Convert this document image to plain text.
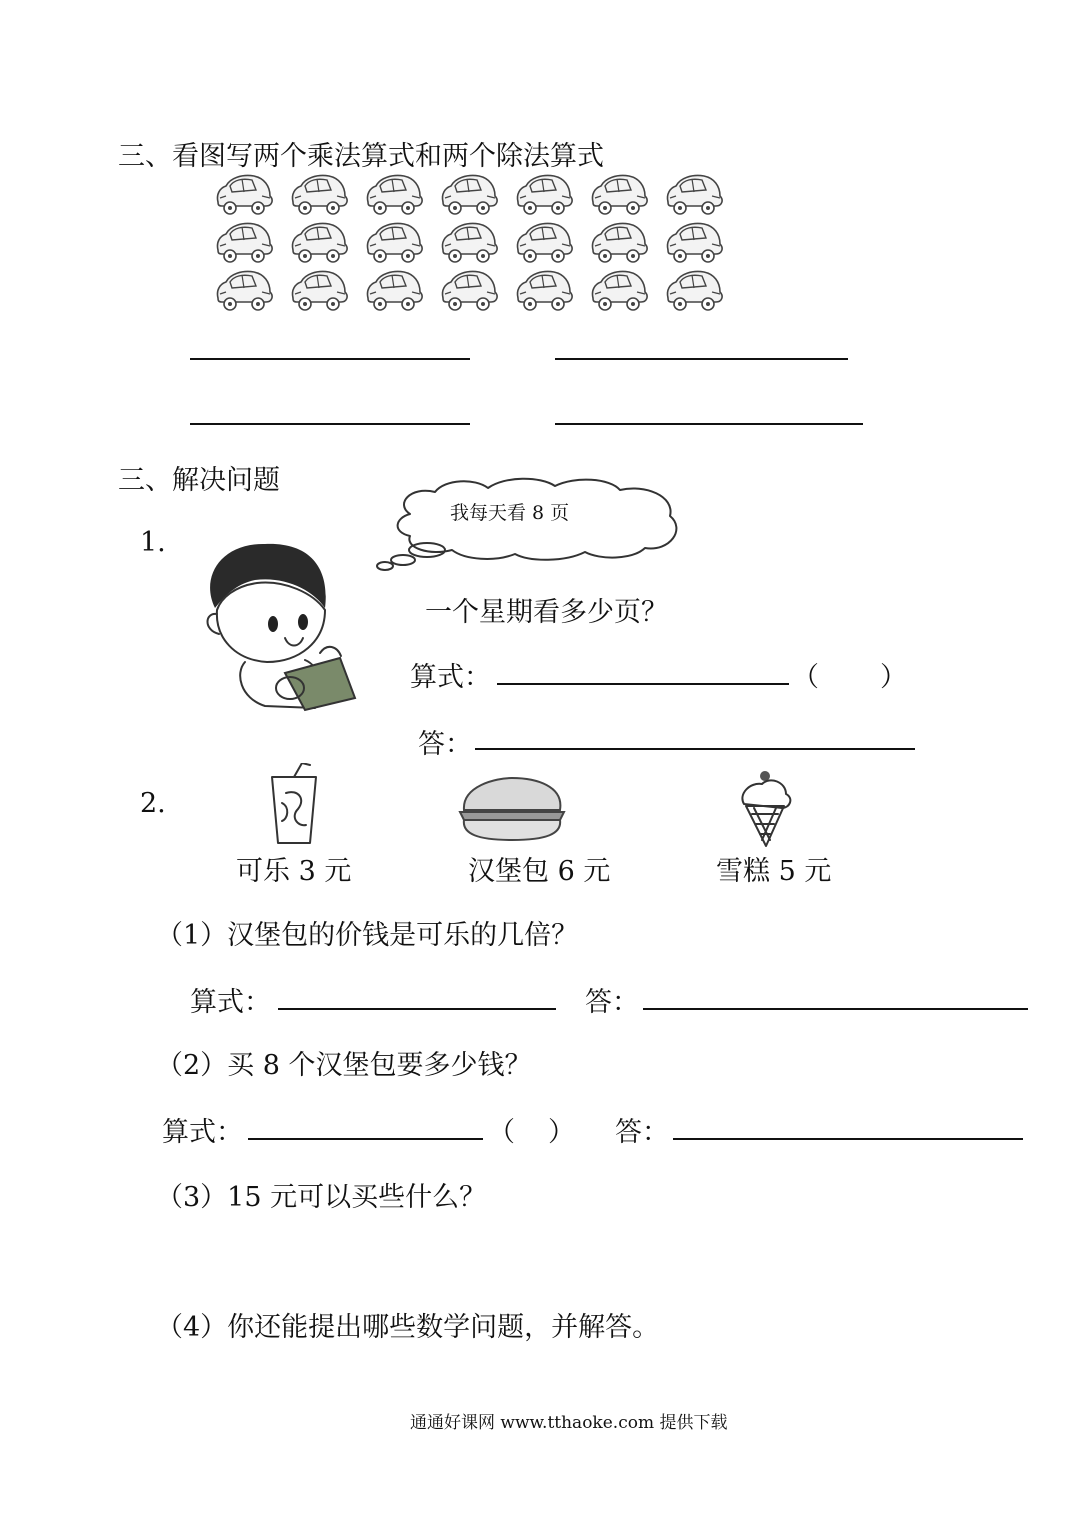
三、看图写两个乘法算式和两个除法算式
三、解决问题
1.
我每天看 8 页
一个星期看多少页？
算式：	（ ）
答：
2.
可乐 3 元	汉堡包 6 元	雪糕 5 元
（1）汉堡包的价钱是可乐的几倍？
算式：	答：
（2）买 8 个汉堡包要多少钱？
算式：	（ ） 答：
（3）15 元可以买些什么？
（4）你还能提出哪些数学问题，并解答。
通通好课网 www.tthaoke.com 提供下载
